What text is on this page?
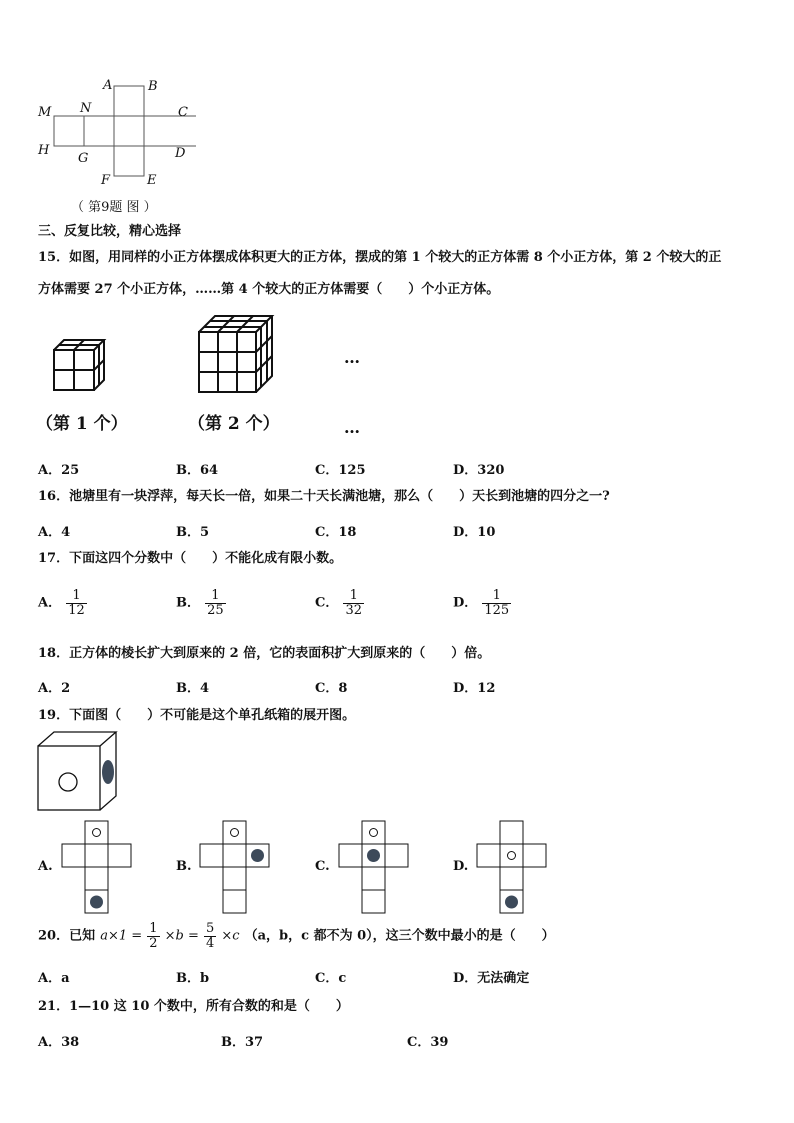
A	B
M N	C
H
G	D
F	E
（ 第9题 图 ）
三、反复比较，精心选择
15．如图，用同样的小正方体摆成体积更大的正方体，摆成的第 1 个较大的正方体需 8 个小正方体，第 2 个较大的正
方体需要 27 个小正方体，……第 4 个较大的正方体需要（　　）个小正方体。
…
（第 1 个）	（第 2 个）	…
A．25	B．64	C．125	D．320
16．池塘里有一块浮萍，每天长一倍，如果二十天长满池塘，那么（　　）天长到池塘的四分之一?
A．4	B．5	C．18	D．10
17．下面这四个分数中（　　）不能化成有限小数。
A． $\frac{1}{12}$	B． $\frac{1}{25}$	C． $\frac{1}{32}$	D． $\frac{1}{125}$
18．正方体的棱长扩大到原来的 2 倍，它的表面积扩大到原来的（　　）倍。
A．2	B．4	C．8	D．12
19．下面图（　　）不可能是这个单孔纸箱的展开图。
A.	B.	C.	D.
20．已知 $a\times 1 = \frac{1}{2} \times b = \frac{5}{4} \times c$ （a，b，c 都不为 0），这三个数中最小的是（　　）
A．a	B．b	C．c	D．无法确定
21．1—10 这 10 个数中，所有合数的和是（　　）
A．38	B．37	C．39
